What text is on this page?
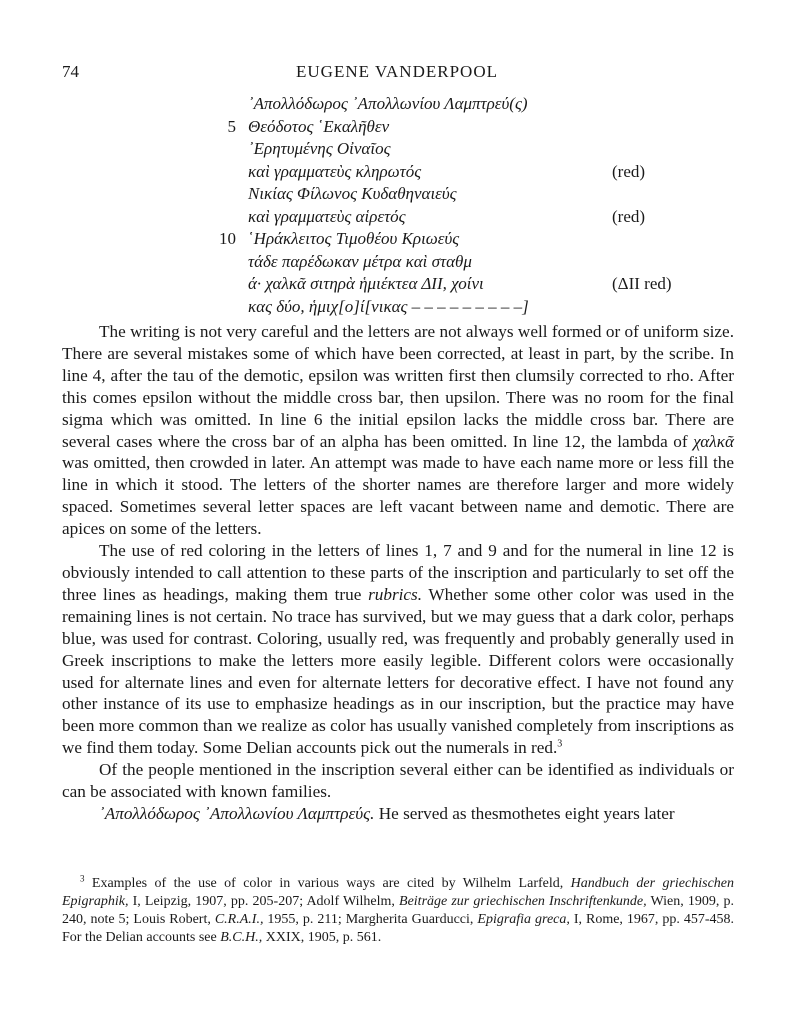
74	EUGENE VANDERPOOL
᾿Απολλόδωρος ᾿Απολλωνίου Λαμπτρεύ(ς)
5 Θεόδοτος ῾Εκαλῆθεν
᾿Ερητυμένης Οἰναῖος
καὶ γραμματεὺς κληρωτός	(red)
Νικίας Φίλωνος Κυδαθηναιεύς
καὶ γραμματεὺς αἱρετός	(red)
10 ῾Ηράκλειτος Τιμοθέου Κριωεύς
τάδε παρέδωκαν μέτρα καὶ σταθμ
ά· χαλκᾶ σιτηρὰ ἡμιέκτεα ΔΙΙ, χοίνι	(ΔΙΙ red)
κας δύο, ἡμιχ[ο]ί[νικας – – – – – – – – –]

The writing is not very careful and the letters are not always well formed or of uniform size. There are several mistakes some of which have been corrected, at least in part, by the scribe. In line 4, after the tau of the demotic, epsilon was written first then clumsily corrected to rho. After this comes epsilon without the middle cross bar, then upsilon. There was no room for the final sigma which was omitted. In line 6 the initial epsilon lacks the middle cross bar. There are several cases where the cross bar of an alpha has been omitted. In line 12, the lambda of χαλκᾶ was omitted, then crowded in later. An attempt was made to have each name more or less fill the line in which it stood. The letters of the shorter names are therefore larger and more widely spaced. Sometimes several letter spaces are left vacant between name and demotic. There are apices on some of the letters.

The use of red coloring in the letters of lines 1, 7 and 9 and for the numeral in line 12 is obviously intended to call attention to these parts of the inscription and particularly to set off the three lines as headings, making them true rubrics. Whether some other color was used in the remaining lines is not certain. No trace has survived, but we may guess that a dark color, perhaps blue, was used for contrast. Coloring, usually red, was frequently and probably generally used in Greek inscriptions to make the letters more easily legible. Different colors were occasionally used for alternate lines and even for alternate letters for decorative effect. I have not found any other instance of its use to emphasize headings as in our inscription, but the practice may have been more common than we realize as color has usually vanished completely from inscriptions as we find them today. Some Delian accounts pick out the numerals in red.$^3$

Of the people mentioned in the inscription several either can be identified as individuals or can be associated with known families.

᾿Απολλόδωρος ᾿Απολλωνίου Λαμπτρεύς. He served as thesmothetes eight years later

$^3$ Examples of the use of color in various ways are cited by Wilhelm Larfeld, Handbuch der griechischen Epigraphik, I, Leipzig, 1907, pp. 205-207; Adolf Wilhelm, Beiträge zur griechischen Inschriftenkunde, Wien, 1909, p. 240, note 5; Louis Robert, C.R.A.I., 1955, p. 211; Margherita Guarducci, Epigrafia greca, I, Rome, 1967, pp. 457-458. For the Delian accounts see B.C.H., XXIX, 1905, p. 561.
